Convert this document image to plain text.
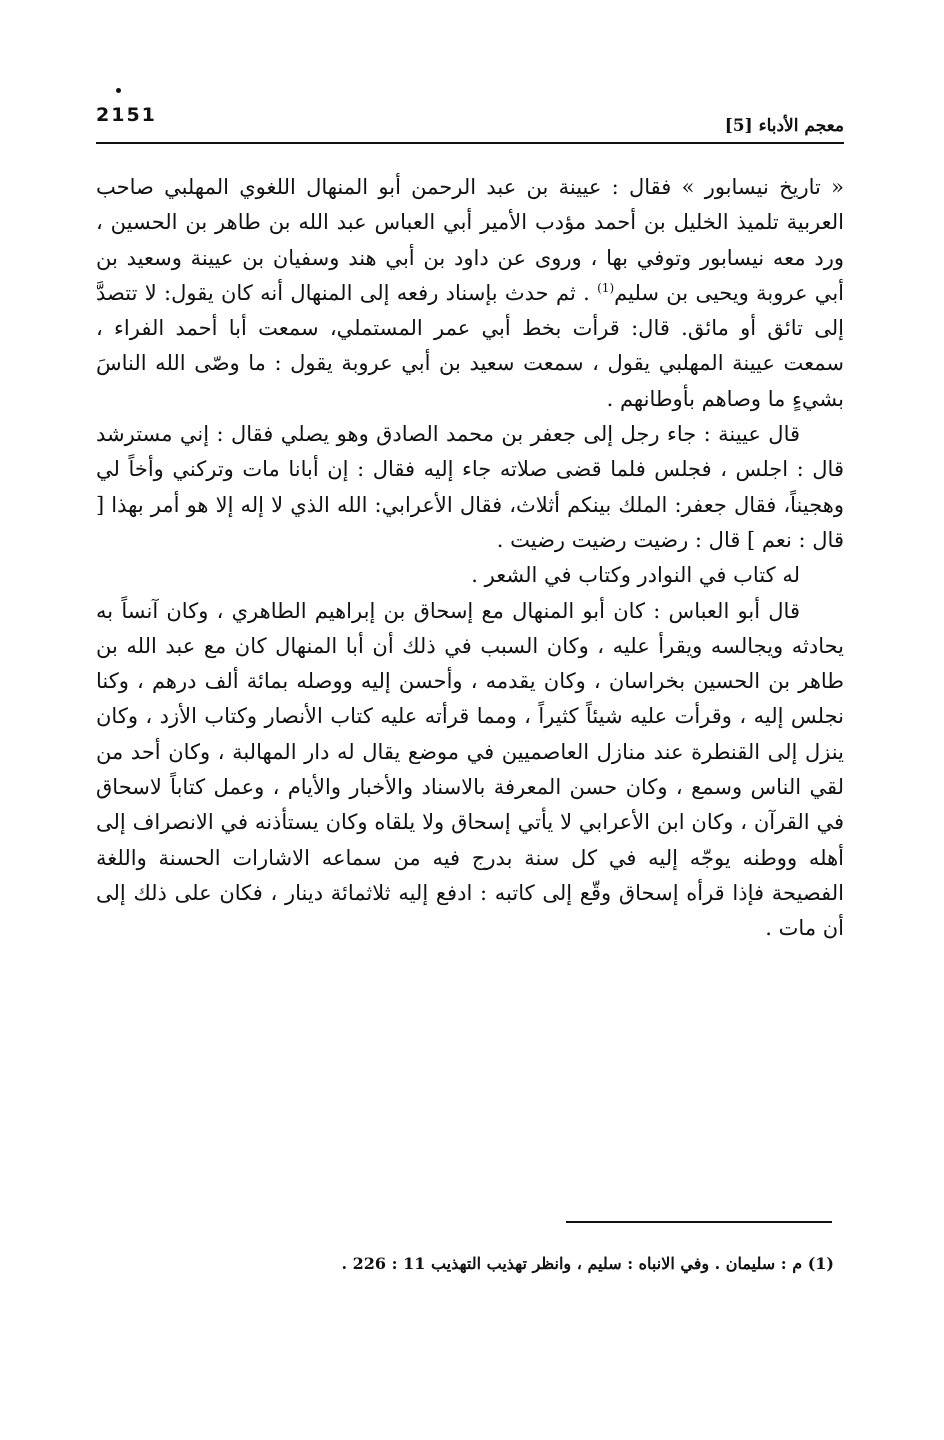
2151	معجم الأدباء [5]

« تاريخ نيسابور » فقال : عيينة بن عبد الرحمن أبو المنهال اللغوي المهلبي صاحب العربية تلميذ الخليل بن أحمد مؤدب الأمير أبي العباس عبد الله بن طاهر بن الحسين ، ورد معه نيسابور وتوفي بها ، وروى عن داود بن أبي هند وسفيان بن عيينة وسعيد بن أبي عروبة ويحيى بن سليم$^{(1)}$ . ثم حدث بإسناد رفعه إلى المنهال أنه كان يقول: لا تتصدَّ إلى تائق أو مائق. قال: قرأت بخط أبي عمر المستملي، سمعت أبا أحمد الفراء ، سمعت عيينة المهلبي يقول ، سمعت سعيد بن أبي عروبة يقول : ما وصّى الله الناسَ بشيءٍ ما وصاهم بأوطانهم .

قال عيينة : جاء رجل إلى جعفر بن محمد الصادق وهو يصلي فقال : إني مسترشد قال : اجلس ، فجلس فلما قضى صلاته جاء إليه فقال : إن أبانا مات وتركني وأخاً لي وهجيناً، فقال جعفر: الملك بينكم أثلاث، فقال الأعرابي: الله الذي لا إله إلا هو أمر بهذا [ قال : نعم ] قال : رضيت رضيت رضيت .

له كتاب في النوادر وكتاب في الشعر .

قال أبو العباس : كان أبو المنهال مع إسحاق بن إبراهيم الطاهري ، وكان آنساً به يحادثه ويجالسه ويقرأ عليه ، وكان السبب في ذلك أن أبا المنهال كان مع عبد الله بن طاهر بن الحسين بخراسان ، وكان يقدمه ، وأحسن إليه ووصله بمائة ألف درهم ، وكنا نجلس إليه ، وقرأت عليه شيئاً كثيراً ، ومما قرأته عليه كتاب الأنصار وكتاب الأزد ، وكان ينزل إلى القنطرة عند منازل العاصميين في موضع يقال له دار المهالبة ، وكان أحد من لقي الناس وسمع ، وكان حسن المعرفة بالاسناد والأخبار والأيام ، وعمل كتاباً لاسحاق في القرآن ، وكان ابن الأعرابي لا يأتي إسحاق ولا يلقاه وكان يستأذنه في الانصراف إلى أهله ووطنه يوجّه إليه في كل سنة بدرج فيه من سماعه الاشارات الحسنة واللغة الفصيحة فإذا قرأه إسحاق وقّع إلى كاتبه : ادفع إليه ثلاثمائة دينار ، فكان على ذلك إلى أن مات .

(1) م : سليمان . وفي الانباه : سليم ، وانظر تهذيب التهذيب 11 : 226 .
